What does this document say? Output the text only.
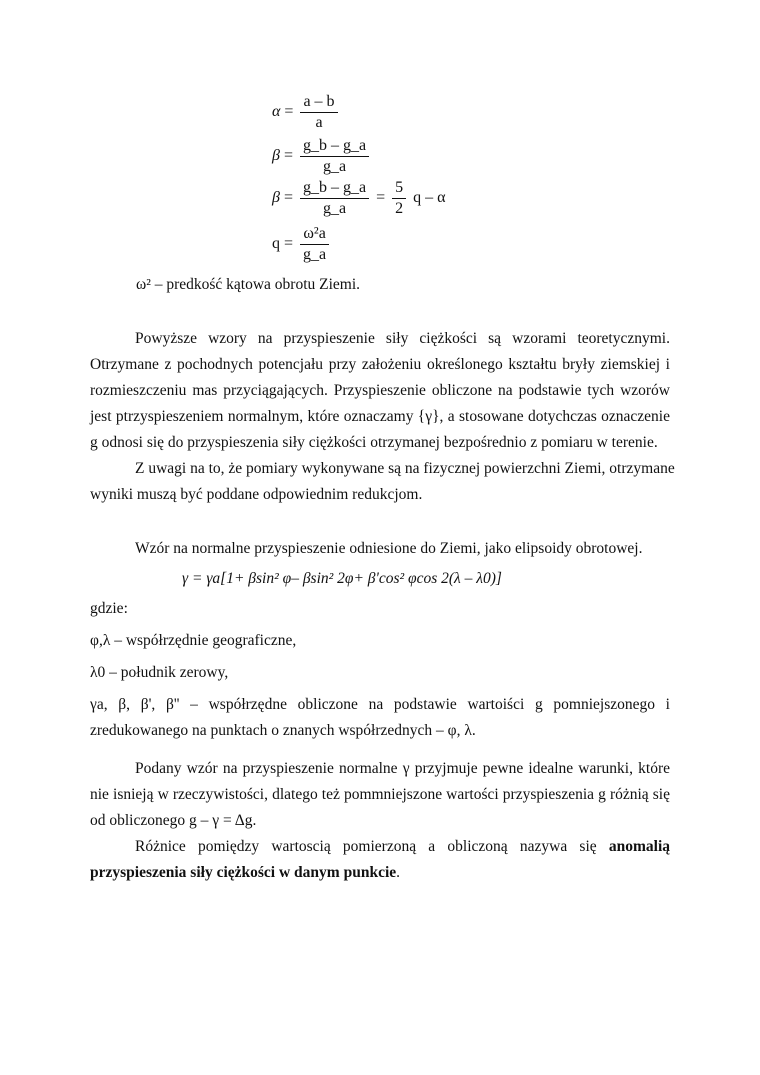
$\alpha = \frac{a - b}{a}$
$\beta = \frac{g\_b - g\_a}{g\_a}$
$\beta = \frac{g\_b - g\_a}{g\_a} = \frac{5}{2}$ q – α
$q = \frac{\text{ω²a}}{g\_a}$
ω² – predkość kątowa obrotu Ziemi.
Powyższe wzory na przyspieszenie siły ciężkości są wzorami teoretycznymi.
Otrzymane z pochodnych potencjału przy założeniu określonego kształtu bryły ziemskiej i
rozmieszczeniu mas przyciągających. Przyspieszenie obliczone na podstawie tych wzorów
jest ptrzyspieszeniem normalnym, które oznaczamy {γ}, a stosowane dotychczas oznaczenie
g odnosi się do przyspieszenia siły ciężkości otrzymanej bezpośrednio z pomiaru w terenie.
Z uwagi na to, że pomiary wykonywane są na fizycznej powierzchni Ziemi, otrzymane
wyniki muszą być poddane odpowiednim redukcjom.
Wzór na normalne przyspieszenie odniesione do Ziemi, jako elipsoidy obrotowej.
γ = γa[1+ βsin² φ– βsin² 2φ+ β'cos² φcos 2(λ – λ0)]
gdzie:
φ,λ – współrzędnie geograficzne,
λ0 – południk zerowy,
γa, β, β', β'' – współrzędne obliczone na podstawie wartoiści g pomniejszonego i
zredukowanego na punktach o znanych współrzednych – φ, λ.
Podany wzór na przyspieszenie normalne γ przyjmuje pewne idealne warunki, które
nie isnieją w rzeczywistości, dlatego też pommniejszone wartości przyspieszenia g różnią się
od obliczonego g – γ = Δg.
Różnice pomiędzy wartoscią pomierzoną a obliczoną nazywa się anomalią
przyspieszenia siły ciężkości w danym punkcie.
